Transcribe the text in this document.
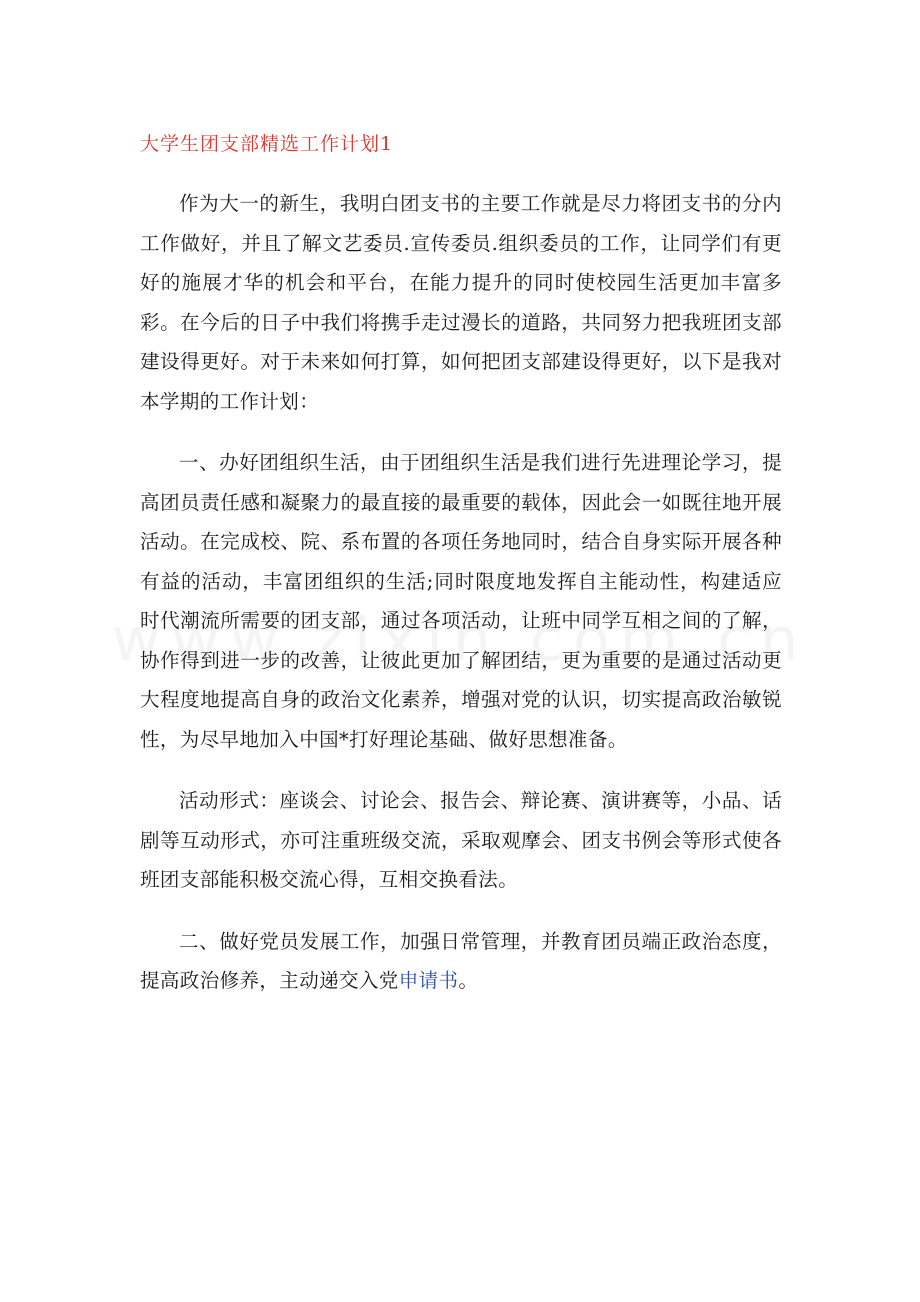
大学生团支部精选工作计划1

作为大一的新生，我明白团支书的主要工作就是尽力将团支书的分内工作做好，并且了解文艺委员.宣传委员.组织委员的工作，让同学们有更好的施展才华的机会和平台，在能力提升的同时使校园生活更加丰富多彩。在今后的日子中我们将携手走过漫长的道路，共同努力把我班团支部建设得更好。对于未来如何打算，如何把团支部建设得更好，以下是我对本学期的工作计划：

一、办好团组织生活，由于团组织生活是我们进行先进理论学习，提高团员责任感和凝聚力的最直接的最重要的载体，因此会一如既往地开展活动。在完成校、院、系布置的各项任务地同时，结合自身实际开展各种有益的活动，丰富团组织的生活;同时限度地发挥自主能动性，构建适应时代潮流所需要的团支部，通过各项活动，让班中同学互相之间的了解，协作得到进一步的改善，让彼此更加了解团结，更为重要的是通过活动更大程度地提高自身的政治文化素养，增强对党的认识，切实提高政治敏锐性，为尽早地加入中国*打好理论基础、做好思想准备。

活动形式：座谈会、讨论会、报告会、辩论赛、演讲赛等，小品、话剧等互动形式，亦可注重班级交流，采取观摩会、团支书例会等形式使各班团支部能积极交流心得，互相交换看法。

二、做好党员发展工作，加强日常管理，并教育团员端正政治态度，提高政治修养，主动递交入党申请书。
